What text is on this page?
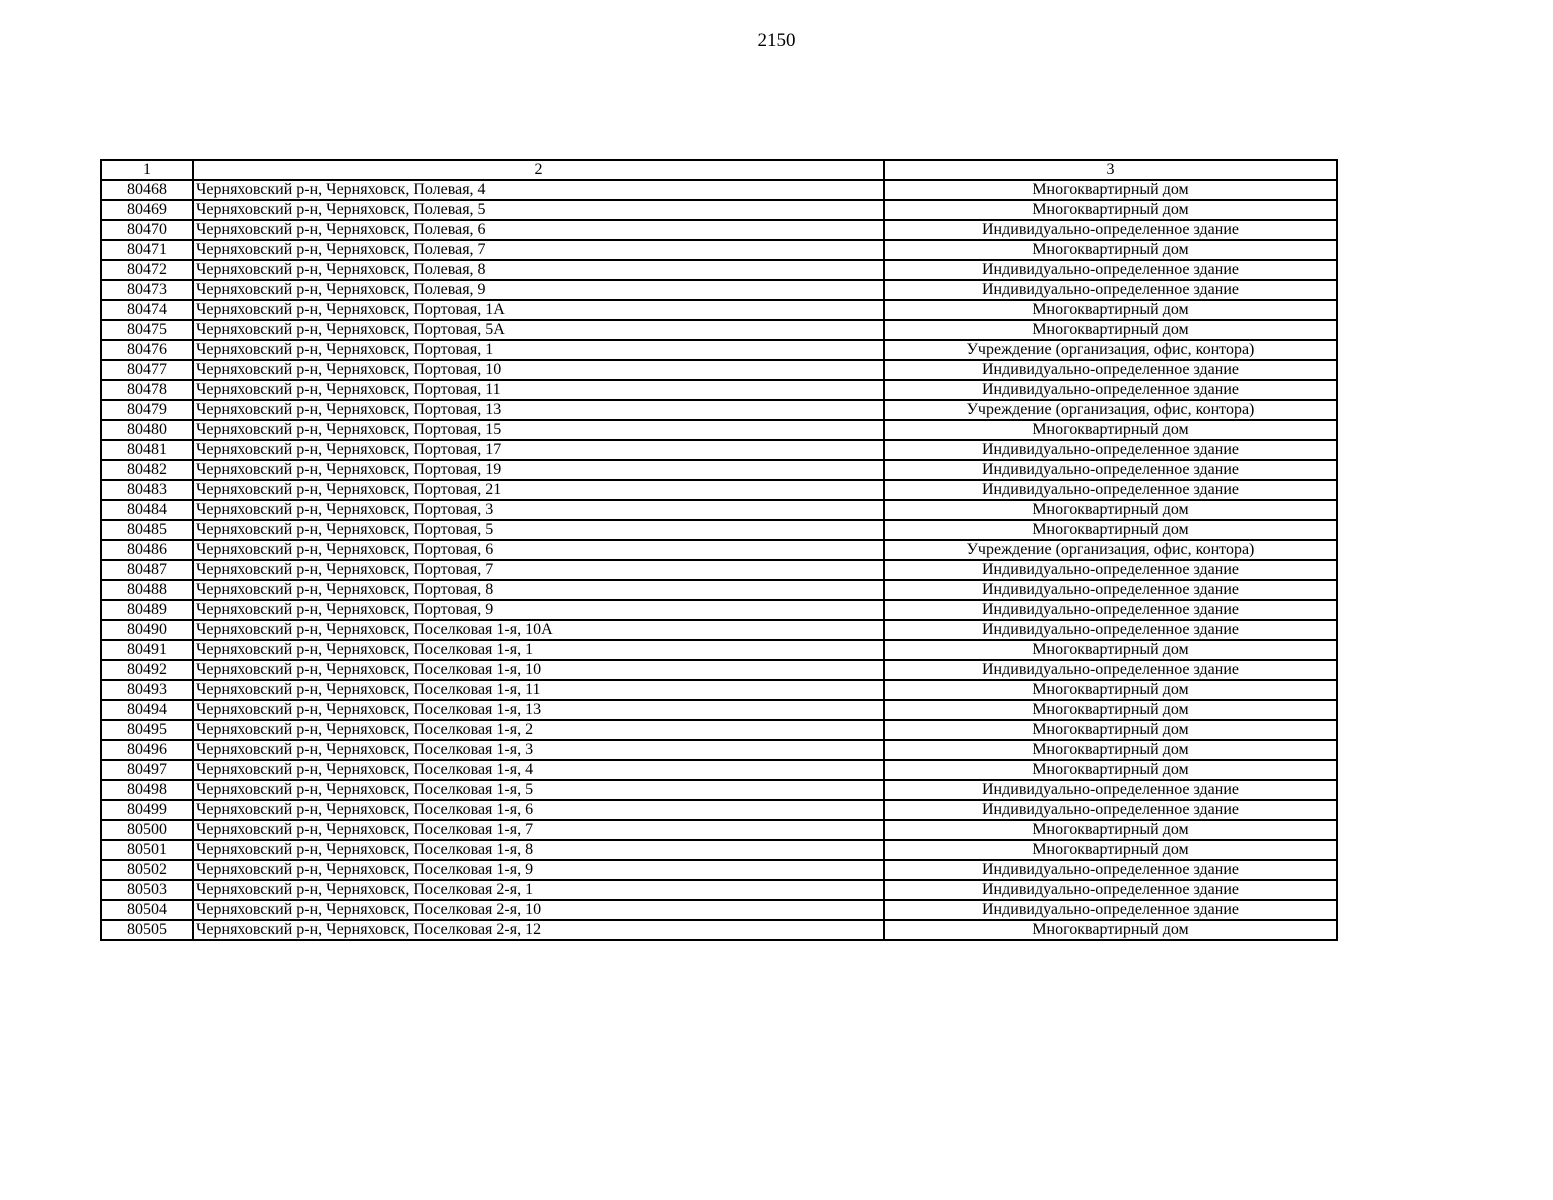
2150
1	2	3
80468	Черняховский р-н, Черняховск, Полевая, 4	Многоквартирный дом
80469	Черняховский р-н, Черняховск, Полевая, 5	Многоквартирный дом
80470	Черняховский р-н, Черняховск, Полевая, 6	Индивидуально-определенное здание
80471	Черняховский р-н, Черняховск, Полевая, 7	Многоквартирный дом
80472	Черняховский р-н, Черняховск, Полевая, 8	Индивидуально-определенное здание
80473	Черняховский р-н, Черняховск, Полевая, 9	Индивидуально-определенное здание
80474	Черняховский р-н, Черняховск, Портовая, 1А	Многоквартирный дом
80475	Черняховский р-н, Черняховск, Портовая, 5А	Многоквартирный дом
80476	Черняховский р-н, Черняховск, Портовая, 1	Учреждение (организация, офис, контора)
80477	Черняховский р-н, Черняховск, Портовая, 10	Индивидуально-определенное здание
80478	Черняховский р-н, Черняховск, Портовая, 11	Индивидуально-определенное здание
80479	Черняховский р-н, Черняховск, Портовая, 13	Учреждение (организация, офис, контора)
80480	Черняховский р-н, Черняховск, Портовая, 15	Многоквартирный дом
80481	Черняховский р-н, Черняховск, Портовая, 17	Индивидуально-определенное здание
80482	Черняховский р-н, Черняховск, Портовая, 19	Индивидуально-определенное здание
80483	Черняховский р-н, Черняховск, Портовая, 21	Индивидуально-определенное здание
80484	Черняховский р-н, Черняховск, Портовая, 3	Многоквартирный дом
80485	Черняховский р-н, Черняховск, Портовая, 5	Многоквартирный дом
80486	Черняховский р-н, Черняховск, Портовая, 6	Учреждение (организация, офис, контора)
80487	Черняховский р-н, Черняховск, Портовая, 7	Индивидуально-определенное здание
80488	Черняховский р-н, Черняховск, Портовая, 8	Индивидуально-определенное здание
80489	Черняховский р-н, Черняховск, Портовая, 9	Индивидуально-определенное здание
80490	Черняховский р-н, Черняховск, Поселковая 1-я, 10А	Индивидуально-определенное здание
80491	Черняховский р-н, Черняховск, Поселковая 1-я, 1	Многоквартирный дом
80492	Черняховский р-н, Черняховск, Поселковая 1-я, 10	Индивидуально-определенное здание
80493	Черняховский р-н, Черняховск, Поселковая 1-я, 11	Многоквартирный дом
80494	Черняховский р-н, Черняховск, Поселковая 1-я, 13	Многоквартирный дом
80495	Черняховский р-н, Черняховск, Поселковая 1-я, 2	Многоквартирный дом
80496	Черняховский р-н, Черняховск, Поселковая 1-я, 3	Многоквартирный дом
80497	Черняховский р-н, Черняховск, Поселковая 1-я, 4	Многоквартирный дом
80498	Черняховский р-н, Черняховск, Поселковая 1-я, 5	Индивидуально-определенное здание
80499	Черняховский р-н, Черняховск, Поселковая 1-я, 6	Индивидуально-определенное здание
80500	Черняховский р-н, Черняховск, Поселковая 1-я, 7	Многоквартирный дом
80501	Черняховский р-н, Черняховск, Поселковая 1-я, 8	Многоквартирный дом
80502	Черняховский р-н, Черняховск, Поселковая 1-я, 9	Индивидуально-определенное здание
80503	Черняховский р-н, Черняховск, Поселковая 2-я, 1	Индивидуально-определенное здание
80504	Черняховский р-н, Черняховск, Поселковая 2-я, 10	Индивидуально-определенное здание
80505	Черняховский р-н, Черняховск, Поселковая 2-я, 12	Многоквартирный дом
